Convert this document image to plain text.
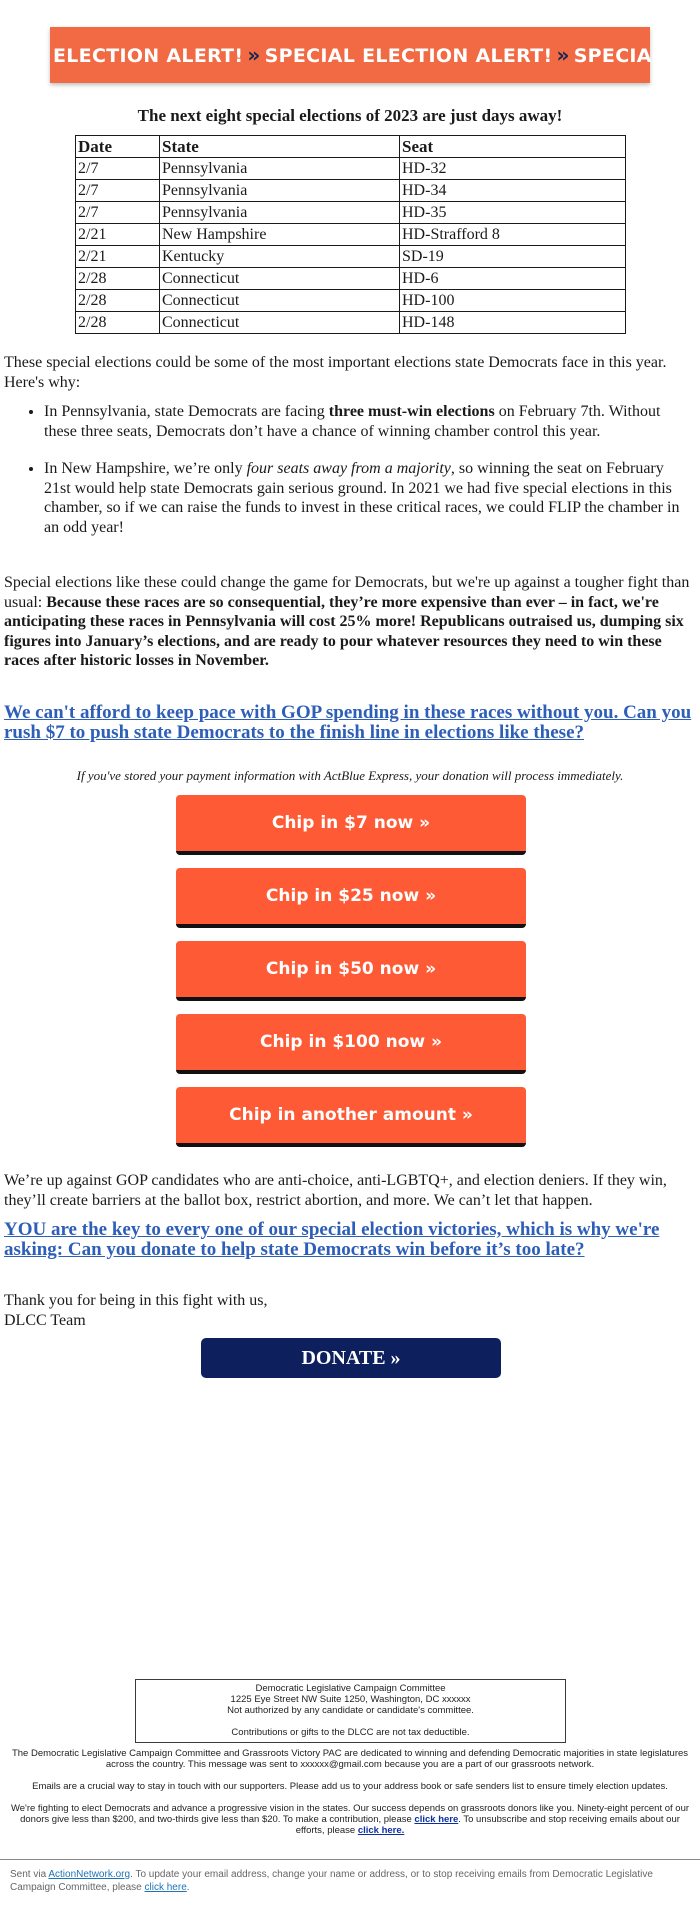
ELECTION ALERT! » SPECIAL ELECTION ALERT! » SPECIAL
The next eight special elections of 2023 are just days away!
Date	State	Seat
2/7	Pennsylvania	HD-32
2/7	Pennsylvania	HD-34
2/7	Pennsylvania	HD-35
2/21	New Hampshire	HD-Strafford 8
2/21	Kentucky	SD-19
2/28	Connecticut	HD-6
2/28	Connecticut	HD-100
2/28	Connecticut	HD-148
These special elections could be some of the most important elections state Democrats face in this year. Here's why:
• In Pennsylvania, state Democrats are facing three must-win elections on February 7th. Without these three seats, Democrats don’t have a chance of winning chamber control this year.
• In New Hampshire, we’re only four seats away from a majority, so winning the seat on February 21st would help state Democrats gain serious ground. In 2021 we had five special elections in this chamber, so if we can raise the funds to invest in these critical races, we could FLIP the chamber in an odd year!
Special elections like these could change the game for Democrats, but we're up against a tougher fight than usual: Because these races are so consequential, they’re more expensive than ever – in fact, we're anticipating these races in Pennsylvania will cost 25% more! Republicans outraised us, dumping six figures into January’s elections, and are ready to pour whatever resources they need to win these races after historic losses in November.
We can't afford to keep pace with GOP spending in these races without you. Can you rush $7 to push state Democrats to the finish line in elections like these?
If you've stored your payment information with ActBlue Express, your donation will process immediately.
Chip in $7 now »
Chip in $25 now »
Chip in $50 now »
Chip in $100 now »
Chip in another amount »
We’re up against GOP candidates who are anti-choice, anti-LGBTQ+, and election deniers. If they win, they’ll create barriers at the ballot box, restrict abortion, and more. We can’t let that happen.
YOU are the key to every one of our special election victories, which is why we're asking: Can you donate to help state Democrats win before it’s too late?
Thank you for being in this fight with us,
DLCC Team
DONATE »
Democratic Legislative Campaign Committee
1225 Eye Street NW Suite 1250, Washington, DC xxxxxx
Not authorized by any candidate or candidate's committee.
Contributions or gifts to the DLCC are not tax deductible.
The Democratic Legislative Campaign Committee and Grassroots Victory PAC are dedicated to winning and defending Democratic majorities in state legislatures across the country. This message was sent to xxxxxx@gmail.com because you are a part of our grassroots network.
Emails are a crucial way to stay in touch with our supporters. Please add us to your address book or safe senders list to ensure timely election updates.
We're fighting to elect Democrats and advance a progressive vision in the states. Our success depends on grassroots donors like you. Ninety-eight percent of our donors give less than $200, and two-thirds give less than $20. To make a contribution, please click here. To unsubscribe and stop receiving emails about our efforts, please click here.
Sent via ActionNetwork.org. To update your email address, change your name or address, or to stop receiving emails from Democratic Legislative Campaign Committee, please click here.
